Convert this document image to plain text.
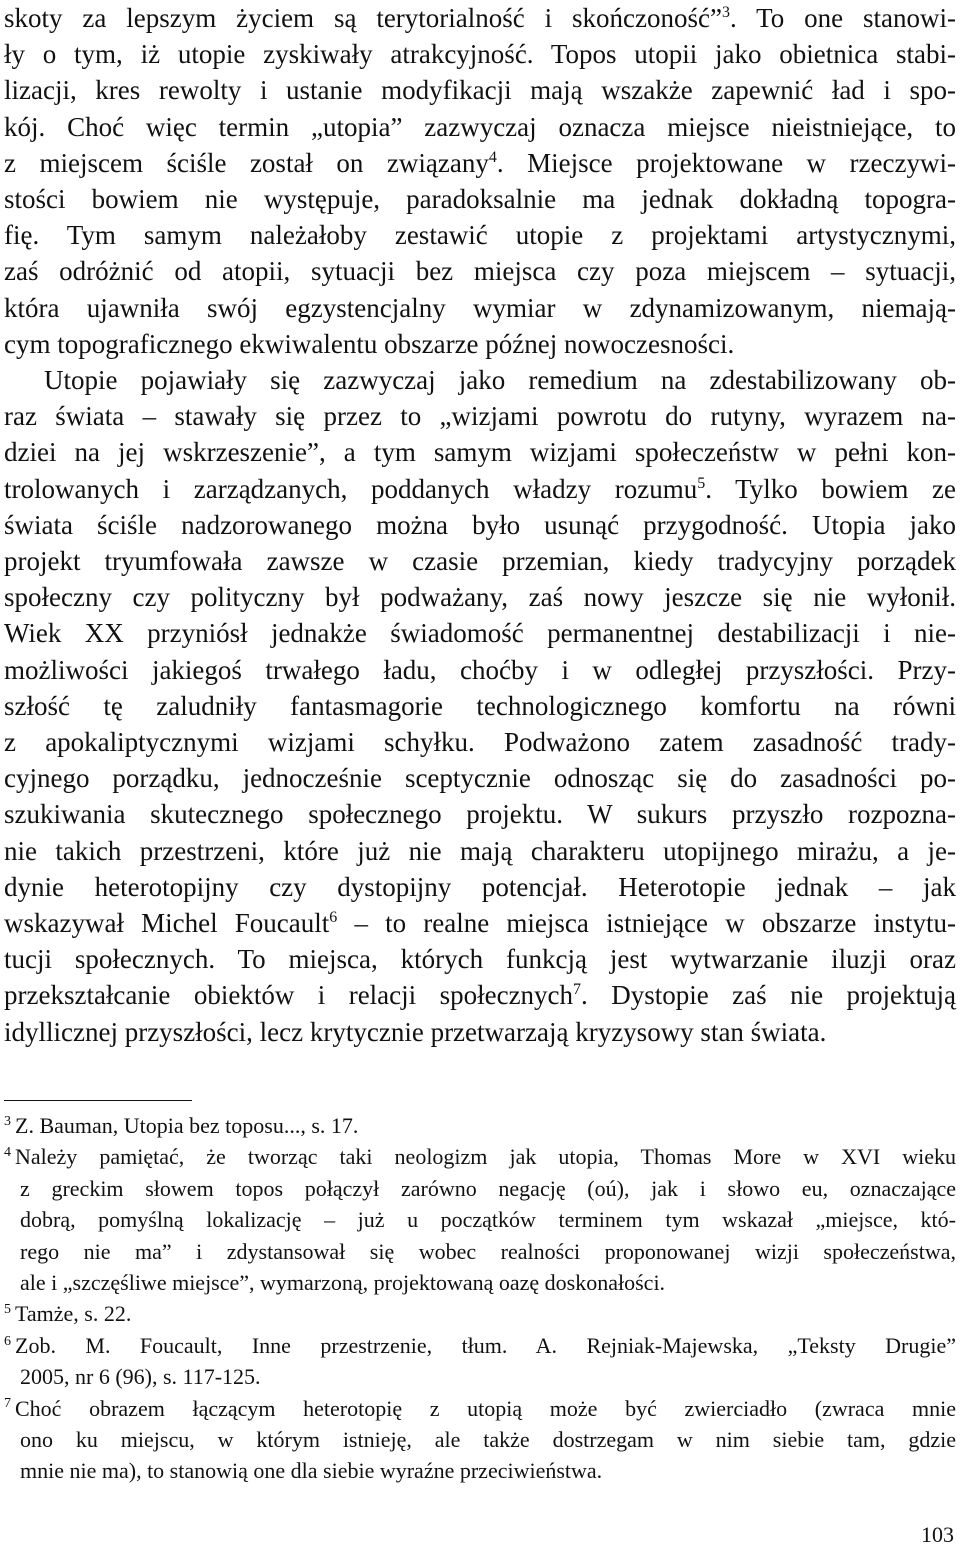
skoty za lepszym życiem są terytorialność i skończoność”$^3$. To one stanowi-
ły o tym, iż utopie zyskiwały atrakcyjność. Topos utopii jako obietnica stabi-
lizacji, kres rewolty i ustanie modyfikacji mają wszakże zapewnić ład i spo-
kój. Choć więc termin „utopia” zazwyczaj oznacza miejsce nieistniejące, to
z miejscem ściśle został on związany$^4$. Miejsce projektowane w rzeczywi-
stości bowiem nie występuje, paradoksalnie ma jednak dokładną topogra-
fię. Tym samym należałoby zestawić utopie z projektami artystycznymi,
zaś odróżnić od atopii, sytuacji bez miejsca czy poza miejscem – sytuacji,
która ujawniła swój egzystencjalny wymiar w zdynamizowanym, niemają-
cym topograficznego ekwiwalentu obszarze późnej nowoczesności.
Utopie pojawiały się zazwyczaj jako remedium na zdestabilizowany ob-
raz świata – stawały się przez to „wizjami powrotu do rutyny, wyrazem na-
dziei na jej wskrzeszenie”, a tym samym wizjami społeczeństw w pełni kon-
trolowanych i zarządzanych, poddanych władzy rozumu$^5$. Tylko bowiem ze
świata ściśle nadzorowanego można było usunąć przygodność. Utopia jako
projekt tryumfowała zawsze w czasie przemian, kiedy tradycyjny porządek
społeczny czy polityczny był podważany, zaś nowy jeszcze się nie wyłonił.
Wiek XX przyniósł jednakże świadomość permanentnej destabilizacji i nie-
możliwości jakiegoś trwałego ładu, choćby i w odległej przyszłości. Przy-
szłość tę zaludniły fantasmagorie technologicznego komfortu na równi
z apokaliptycznymi wizjami schyłku. Podważono zatem zasadność trady-
cyjnego porządku, jednocześnie sceptycznie odnosząc się do zasadności po-
szukiwania skutecznego społecznego projektu. W sukurs przyszło rozpozna-
nie takich przestrzeni, które już nie mają charakteru utopijnego mirażu, a je-
dynie heterotopijny czy dystopijny potencjał. Heterotopie jednak – jak
wskazywał Michel Foucault$^6$ – to realne miejsca istniejące w obszarze instytu-
tucji społecznych. To miejsca, których funkcją jest wytwarzanie iluzji oraz
przekształcanie obiektów i relacji społecznych$^7$. Dystopie zaś nie projektują
idyllicznej przyszłości, lecz krytycznie przetwarzają kryzysowy stan świata.
$^3$ Z. Bauman, Utopia bez toposu..., s. 17.
$^4$ Należy pamiętać, że tworząc taki neologizm jak utopia, Thomas More w XVI wieku
z greckim słowem topos połączył zarówno negację (oú), jak i słowo eu, oznaczające
dobrą, pomyślną lokalizację – już u początków terminem tym wskazał „miejsce, któ-
rego nie ma” i zdystansował się wobec realności proponowanej wizji społeczeństwa,
ale i „szczęśliwe miejsce”, wymarzoną, projektowaną oazę doskonałości.
$^5$ Tamże, s. 22.
$^6$ Zob. M. Foucault, Inne przestrzenie, tłum. A. Rejniak-Majewska, „Teksty Drugie”
2005, nr 6 (96), s. 117-125.
$^7$ Choć obrazem łączącym heterotopię z utopią może być zwierciadło (zwraca mnie
ono ku miejscu, w którym istnieję, ale także dostrzegam w nim siebie tam, gdzie
mnie nie ma), to stanowią one dla siebie wyraźne przeciwieństwa.
103
